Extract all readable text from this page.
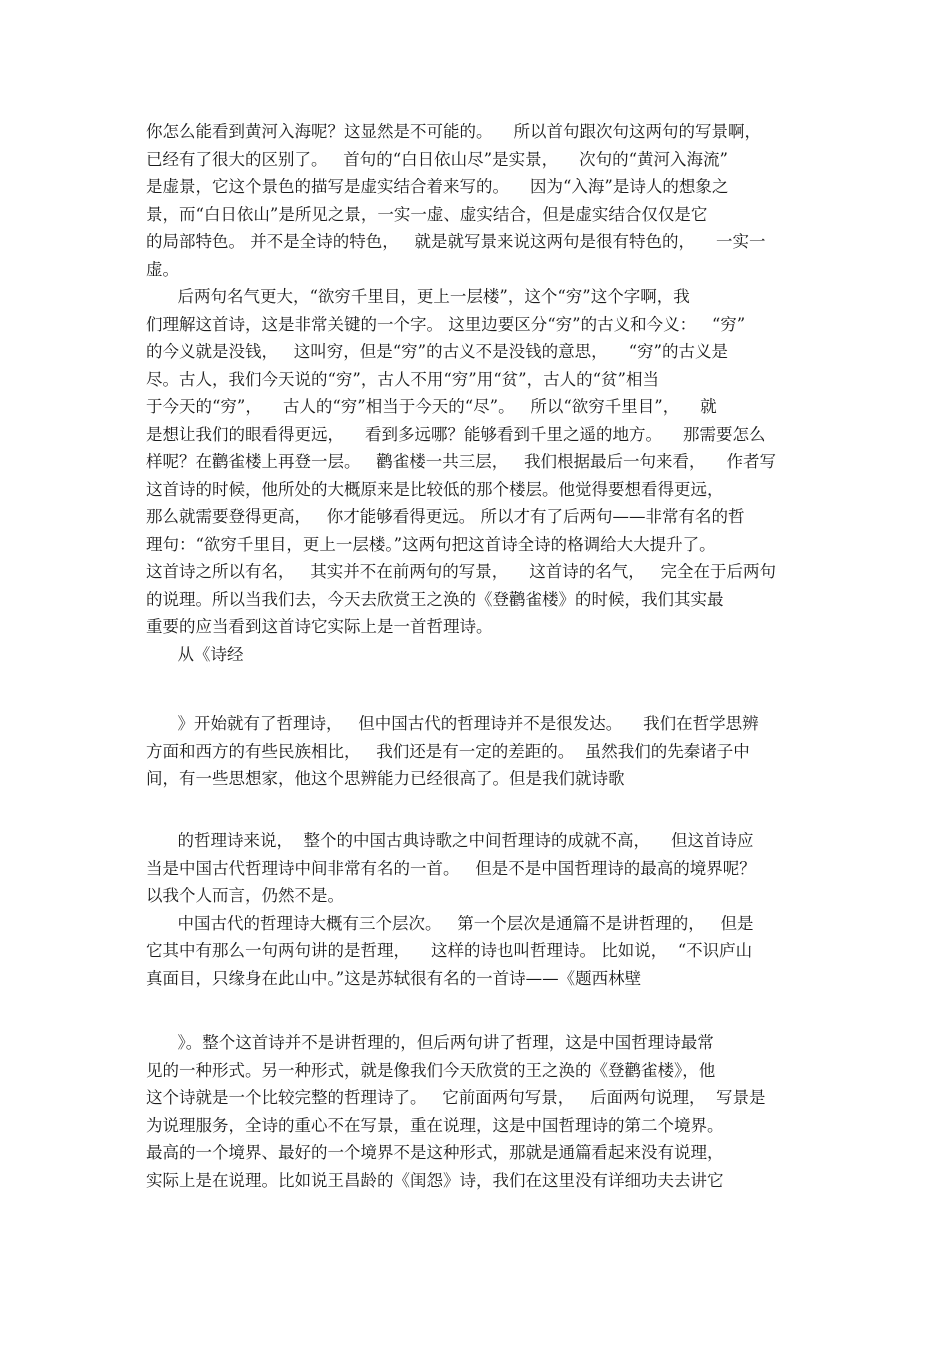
你怎么能看到黄河入海呢？这显然是不可能的。    所以首句跟次句这两句的写景啊，
已经有了很大的区别了。   首句的“白日依山尽”是实景，    次句的“黄河入海流”
是虚景，它这个景色的描写是虚实结合着来写的。    因为“入海”是诗人的想象之
景，而“白日依山”是所见之景，一实一虚、虚实结合，但是虚实结合仅仅是它
的局部特色。 并不是全诗的特色，   就是就写景来说这两句是很有特色的，    一实一
虚。
后两句名气更大，“欲穷千里目，更上一层楼”，这个“穷”这个字啊，我
们理解这首诗，这是非常关键的一个字。 这里边要区分“穷”的古义和今义：   “穷”
的今义就是没钱，   这叫穷，但是“穷”的古义不是没钱的意思，    “穷”的古义是
尽。古人，我们今天说的“穷”，古人不用“穷”用“贫”，古人的“贫”相当
于今天的“穷”，    古人的“穷”相当于今天的“尽”。   所以“欲穷千里目”，    就
是想让我们的眼看得更远，    看到多远哪？能够看到千里之遥的地方。    那需要怎么
样呢？在鹳雀楼上再登一层。   鹳雀楼一共三层，   我们根据最后一句来看，    作者写
这首诗的时候，他所处的大概原来是比较低的那个楼层。他觉得要想看得更远，
那么就需要登得更高，   你才能够看得更远。 所以才有了后两句——非常有名的哲
理句：“欲穷千里目，更上一层楼。”这两句把这首诗全诗的格调给大大提升了。
这首诗之所以有名，   其实并不在前两句的写景，    这首诗的名气，   完全在于后两句
的说理。所以当我们去，今天去欣赏王之涣的《登鹳雀楼》的时候，我们其实最
重要的应当看到这首诗它实际上是一首哲理诗。
从《诗经
》开始就有了哲理诗，   但中国古代的哲理诗并不是很发达。    我们在哲学思辨
方面和西方的有些民族相比，   我们还是有一定的差距的。  虽然我们的先秦诸子中
间，有一些思想家，他这个思辨能力已经很高了。但是我们就诗歌
的哲理诗来说，  整个的中国古典诗歌之中间哲理诗的成就不高，    但这首诗应
当是中国古代哲理诗中间非常有名的一首。   但是不是中国哲理诗的最高的境界呢？
以我个人而言，仍然不是。
中国古代的哲理诗大概有三个层次。   第一个层次是通篇不是讲哲理的，   但是
它其中有那么一句两句讲的是哲理，    这样的诗也叫哲理诗。 比如说，  “不识庐山
真面目，只缘身在此山中。”这是苏轼很有名的一首诗——《题西林壁
》。整个这首诗并不是讲哲理的，但后两句讲了哲理，这是中国哲理诗最常
见的一种形式。另一种形式，就是像我们今天欣赏的王之涣的《登鹳雀楼》，他
这个诗就是一个比较完整的哲理诗了。   它前面两句写景，   后面两句说理，  写景是
为说理服务，全诗的重心不在写景，重在说理，这是中国哲理诗的第二个境界。
最高的一个境界、最好的一个境界不是这种形式，那就是通篇看起来没有说理，
实际上是在说理。比如说王昌龄的《闺怨》诗，我们在这里没有详细功夫去讲它
